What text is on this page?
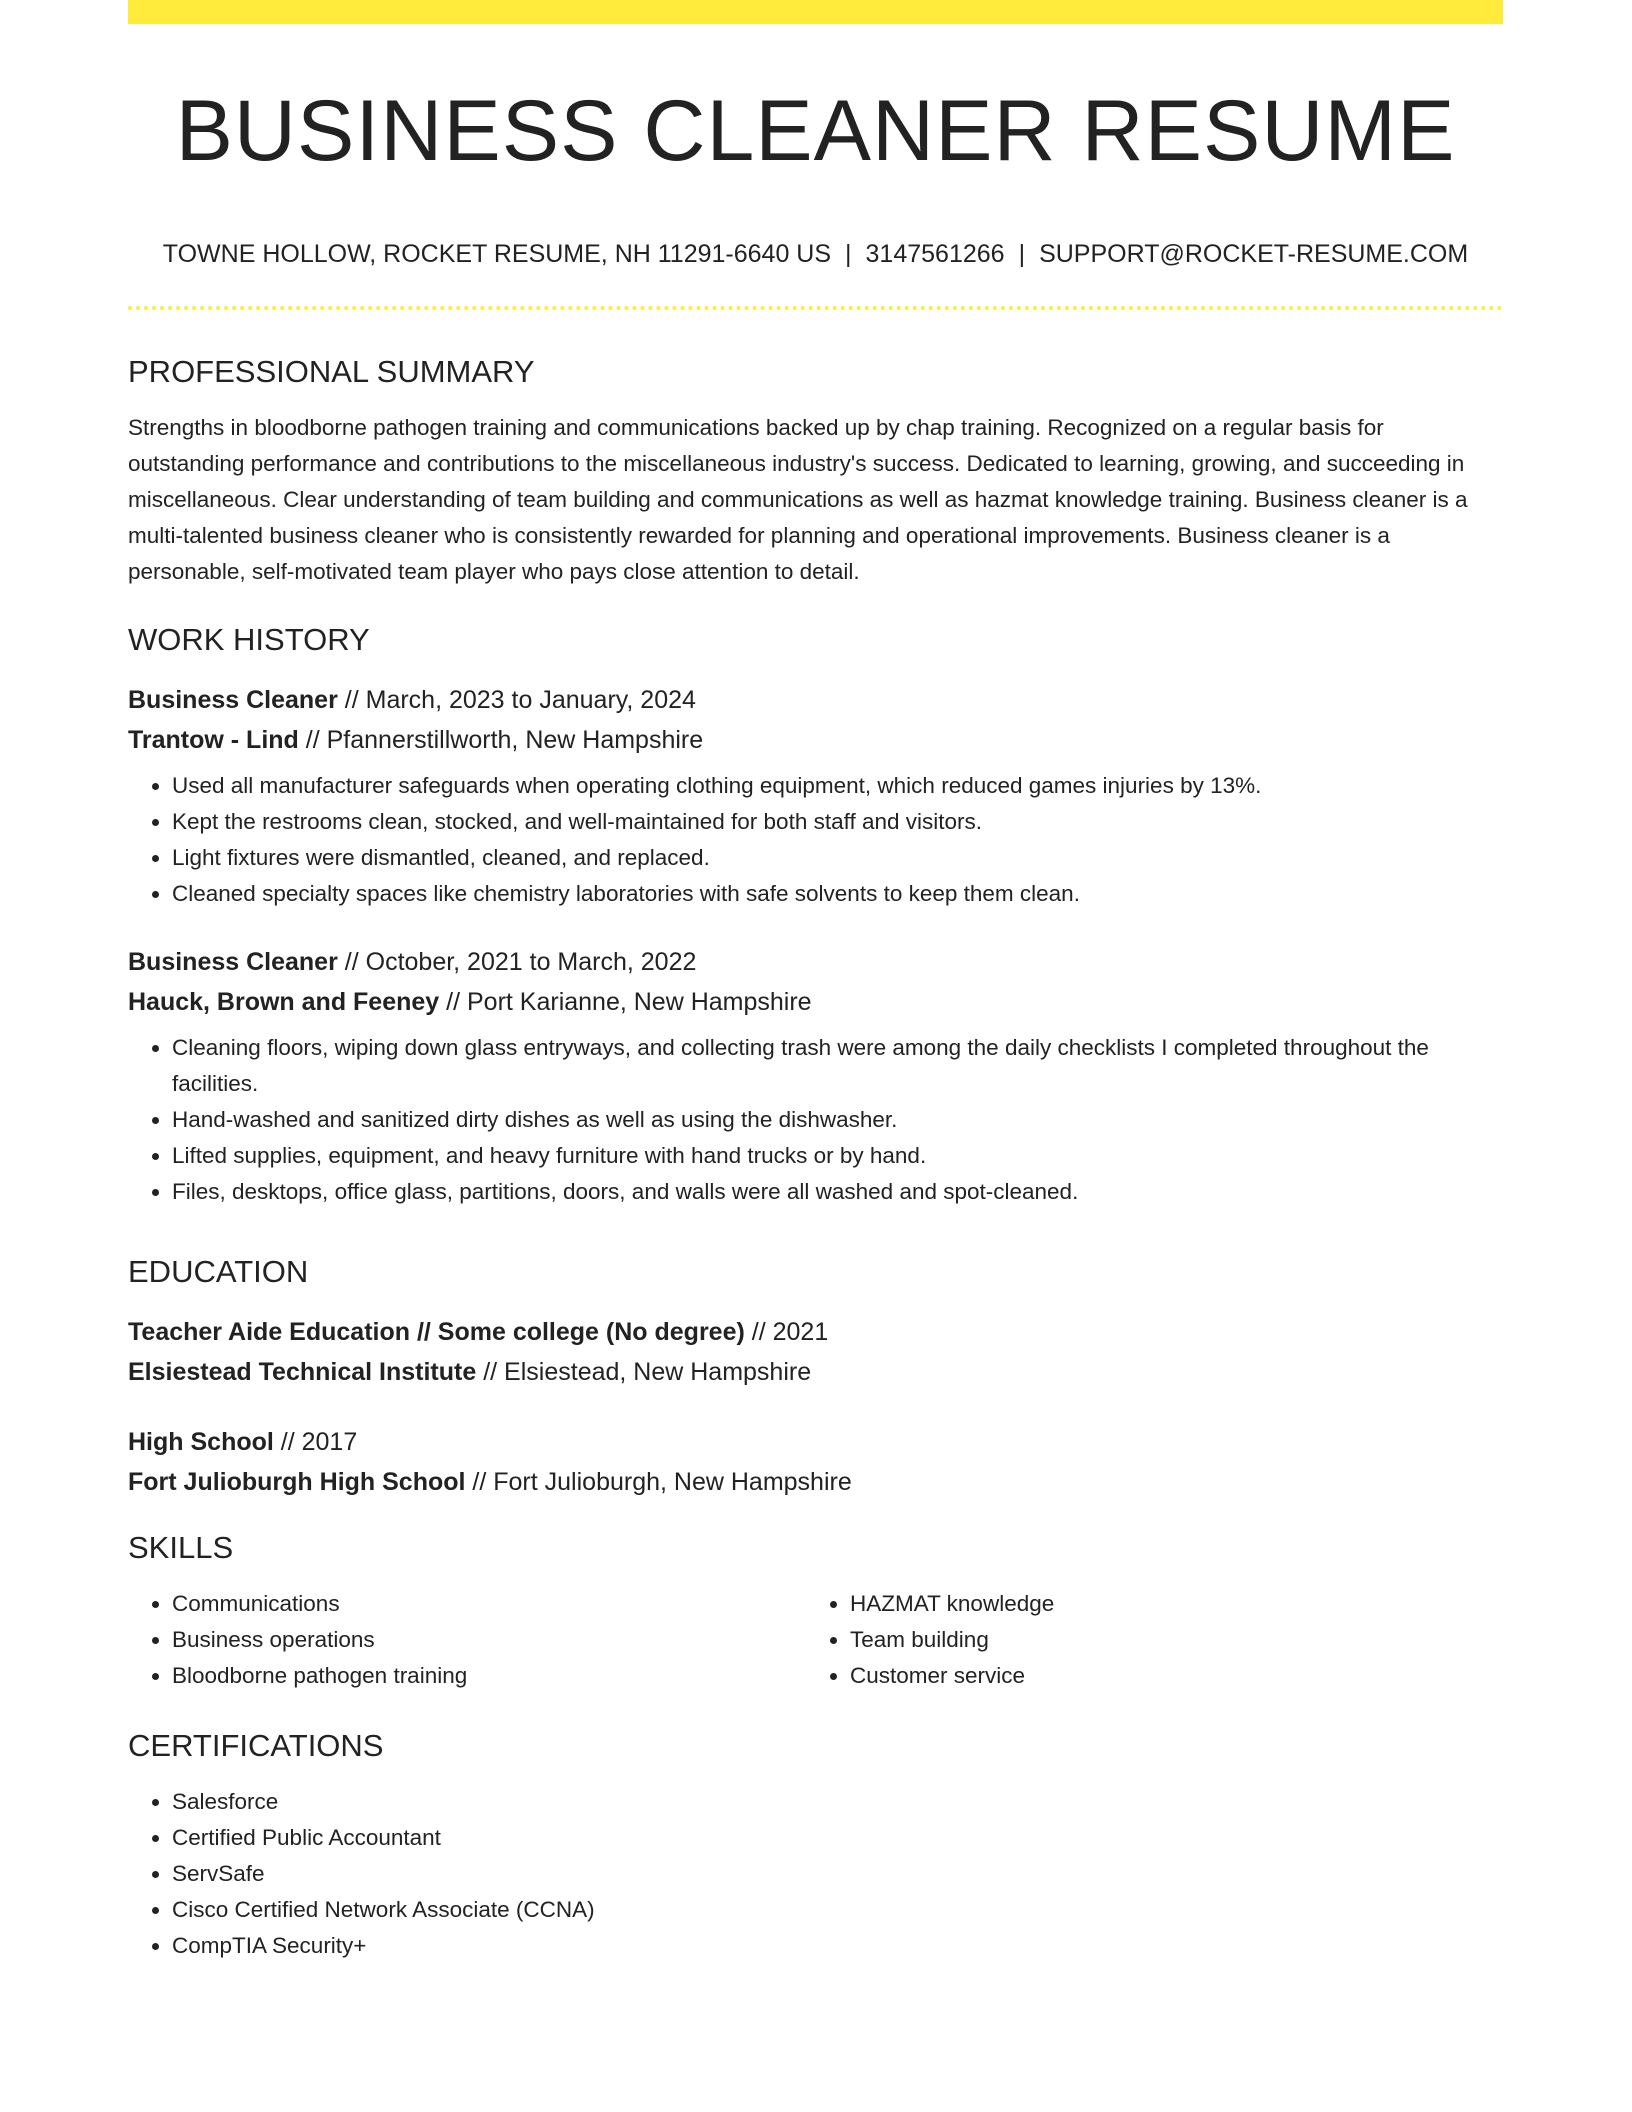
BUSINESS CLEANER RESUME
TOWNE HOLLOW, ROCKET RESUME, NH 11291-6640 US | 3147561266 | SUPPORT@ROCKET-RESUME.COM
PROFESSIONAL SUMMARY

Strengths in bloodborne pathogen training and communications backed up by chap training. Recognized on a regular basis for outstanding performance and contributions to the miscellaneous industry's success. Dedicated to learning, growing, and succeeding in miscellaneous. Clear understanding of team building and communications as well as hazmat knowledge training. Business cleaner is a multi-talented business cleaner who is consistently rewarded for planning and operational improvements. Business cleaner is a personable, self-motivated team player who pays close attention to detail.

WORK HISTORY
Business Cleaner // March, 2023 to January, 2024
Trantow - Lind // Pfannerstillworth, New Hampshire
• Used all manufacturer safeguards when operating clothing equipment, which reduced games injuries by 13%.
• Kept the restrooms clean, stocked, and well-maintained for both staff and visitors.
• Light fixtures were dismantled, cleaned, and replaced.
• Cleaned specialty spaces like chemistry laboratories with safe solvents to keep them clean.
Business Cleaner // October, 2021 to March, 2022
Hauck, Brown and Feeney // Port Karianne, New Hampshire
• Cleaning floors, wiping down glass entryways, and collecting trash were among the daily checklists I completed throughout the facilities.
• Hand-washed and sanitized dirty dishes as well as using the dishwasher.
• Lifted supplies, equipment, and heavy furniture with hand trucks or by hand.
• Files, desktops, office glass, partitions, doors, and walls were all washed and spot-cleaned.
EDUCATION
Teacher Aide Education // Some college (No degree) // 2021
Elsiestead Technical Institute // Elsiestead, New Hampshire
High School // 2017
Fort Julioburgh High School // Fort Julioburgh, New Hampshire
SKILLS
• Communications
• Business operations
• Bloodborne pathogen training
• HAZMAT knowledge
• Team building
• Customer service
CERTIFICATIONS
• Salesforce
• Certified Public Accountant
• ServSafe
• Cisco Certified Network Associate (CCNA)
• CompTIA Security+
